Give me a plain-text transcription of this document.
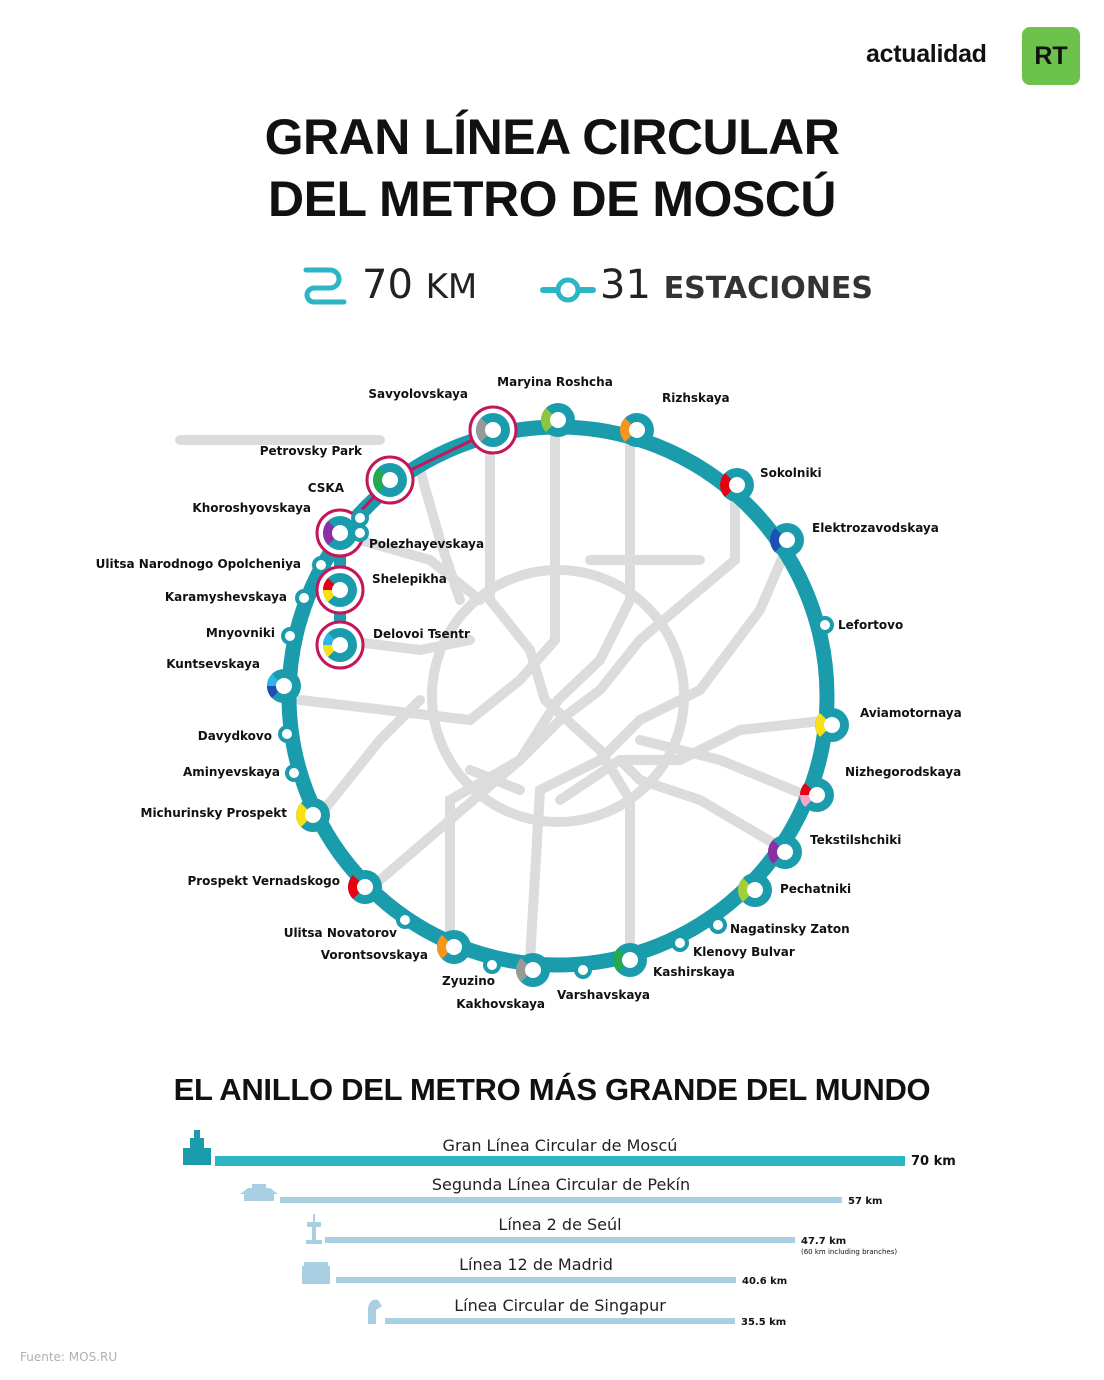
actualidad	RT
GRAN LÍNEA CIRCULAR
DEL METRO DE MOSCÚ
70 KM	31 ESTACIONES
Maryina Roshcha
Rizhskaya
Sokolniki
Elektrozavodskaya
Lefortovo
Aviamotornaya
Nizhegorodskaya
Tekstilshchiki
Pechatniki
Nagatinsky Zaton
Klenovy Bulvar
Kashirskaya
Varshavskaya
Kakhovskaya
Zyuzino
Vorontsovskaya
Ulitsa Novatorov
Prospekt Vernadskogo
Michurinsky Prospekt
Aminyevskaya
Davydkovo
Kuntsevskaya
Mnyovniki
Karamyshevskaya
Ulitsa Narodnogo Opolcheniya
Khoroshyovskaya
CSKA
Petrovsky Park
Savyolovskaya
Polezhayevskaya
Shelepikha
Delovoi Tsentr
EL ANILLO DEL METRO MÁS GRANDE DEL MUNDO
Gran Línea Circular de Moscú
70 km
Segunda Línea Circular de Pekín
57 km
Línea 2 de Seúl
47.7 km
(60 km including branches)
Línea 12 de Madrid
40.6 km
Línea Circular de Singapur
35.5 km
Fuente: MOS.RU
